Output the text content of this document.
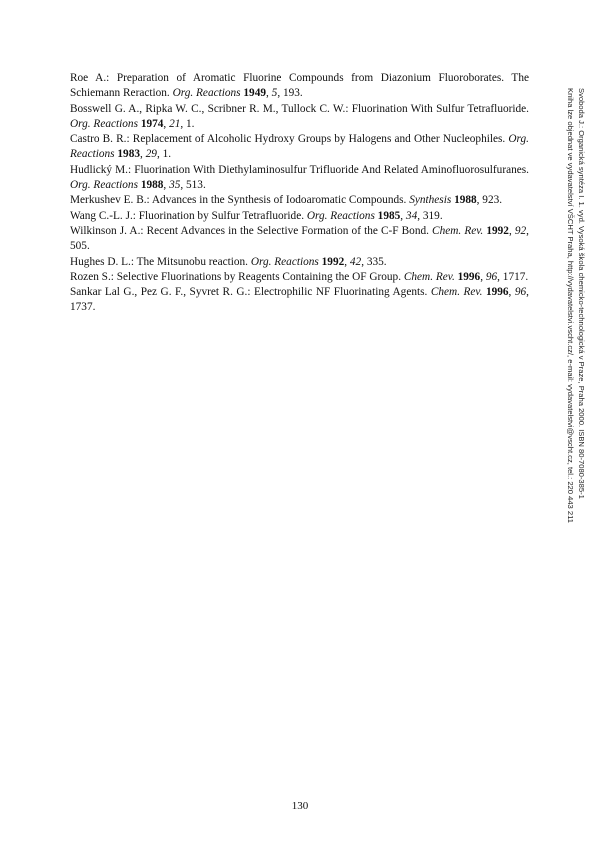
Roe A.: Preparation of Aromatic Fluorine Compounds from Diazonium Fluoroborates. The Schiemann Reraction. Org. Reactions 1949, 5, 193.

Bosswell G. A., Ripka W. C., Scribner R. M., Tullock C. W.: Fluorination With Sulfur Tetrafluoride. Org. Reactions 1974, 21, 1.

Castro B. R.: Replacement of Alcoholic Hydroxy Groups by Halogens and Other Nucleophiles. Org. Reactions 1983, 29, 1.

Hudlický M.: Fluorination With Diethylaminosulfur Trifluoride And Related Aminofluorosulfuranes. Org. Reactions 1988, 35, 513.

Merkushev E. B.: Advances in the Synthesis of Iodoaromatic Compounds. Synthesis 1988, 923.

Wang C.-L. J.: Fluorination by Sulfur Tetrafluoride. Org. Reactions 1985, 34, 319.

Wilkinson J. A.: Recent Advances in the Selective Formation of the C-F Bond. Chem. Rev. 1992, 92, 505.

Hughes D. L.: The Mitsunobu reaction. Org. Reactions 1992, 42, 335.

Rozen S.: Selective Fluorinations by Reagents Containing the OF Group. Chem. Rev. 1996, 96, 1717.

Sankar Lal G., Pez G. F., Syvret R. G.: Electrophilic NF Fluorinating Agents. Chem. Rev. 1996, 96, 1737.	Svoboda J.: Organická syntéza I. 1. vyd. Vysoká škola chemicko-technologická v Praze, Praha 2000. ISBN 80-7080-385-1
Kniha lze objednat ve vydavatelství VŠCHT Praha, http://vydavatelstvi.vscht.cz/, e-mail: vydavatelstvi@vscht.cz, tel.: 220 443 211
130
